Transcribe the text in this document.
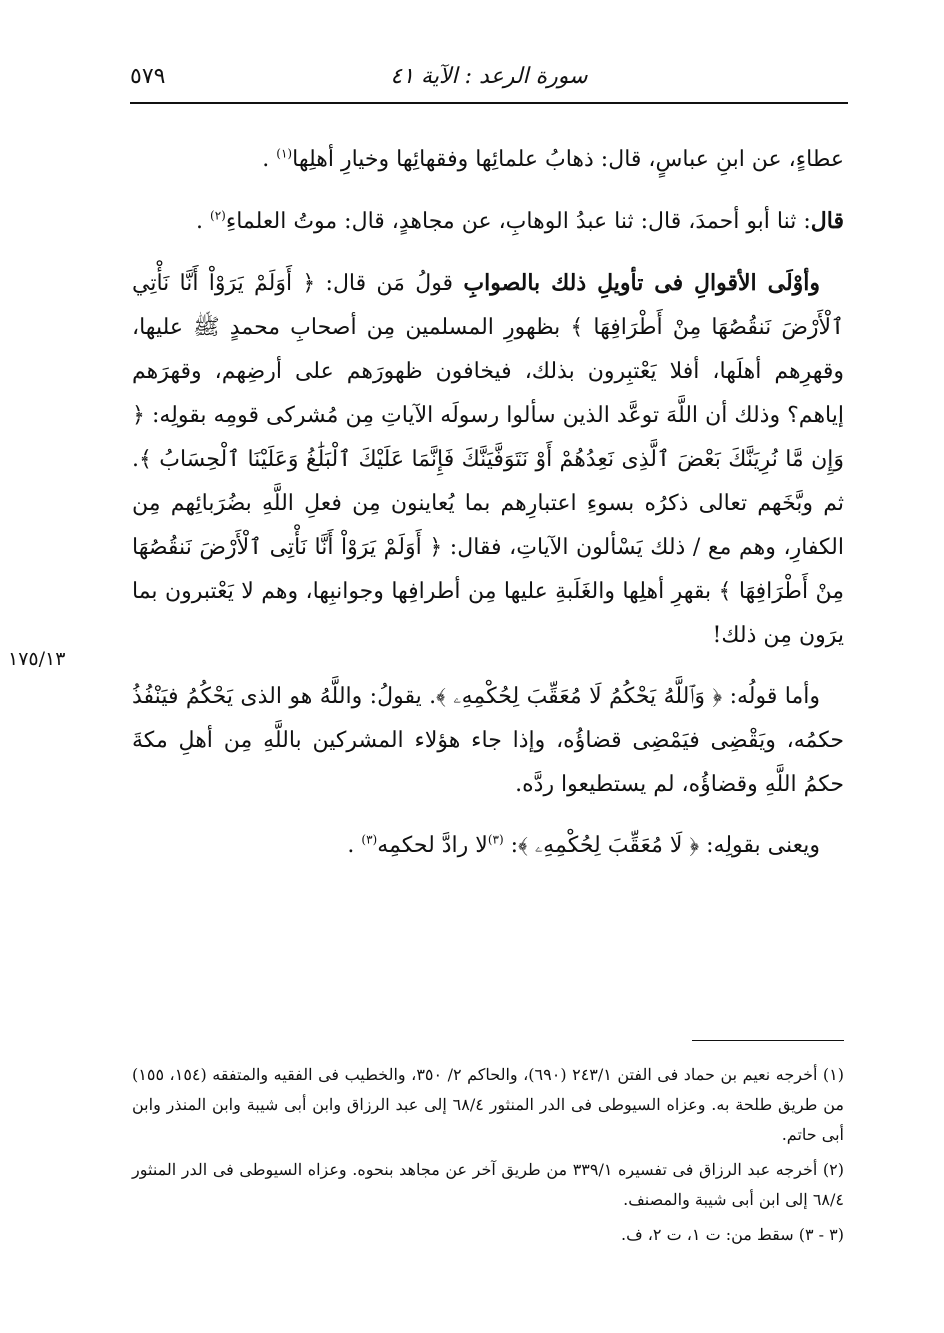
٥٧٩	سورة الرعد : الآية ٤١
١٧٥/١٣

عطاءٍ، عن ابنِ عباسٍ، قال: ذهابُ علمائِها وفقهائِها وخيارِ أهلِها$^{(١)}$ .

قال: ثنا أبو أحمدَ، قال: ثنا عبدُ الوهابِ، عن مجاهدٍ، قال: موتُ العلماءِ$^{(٢)}$ .

وأوْلَى الأقوالِ فى تأويلِ ذلك بالصوابِ قولُ مَن قال: ﴿ أَوَلَمْ يَرَوْاْ أَنَّا نَأْتِي ٱلْأَرْضَ نَنقُصُهَا مِنْ أَطْرَافِهَا ﴾ بظهورِ المسلمين مِن أصحابِ محمدٍ ﷺ عليها، وقهرِهم أهلَها، أفلا يَعْتبِرون بذلك، فيخافون ظهورَهم على أرضِهم، وقهرَهم إياهم؟ وذلك أن اللَّهَ توعَّد الذين سألوا رسولَه الآياتِ مِن مُشركى قومِه بقولِه: ﴿ وَإِن مَّا نُرِيَنَّكَ بَعْضَ ٱلَّذِى نَعِدُهُمْ أَوْ نَتَوَفَّيَنَّكَ فَإِنَّمَا عَلَيْكَ ٱلْبَلَٰغُ وَعَلَيْنَا ٱلْحِسَابُ ﴾. ثم وبَّخَهم تعالى ذكرُه بسوءِ اعتبارِهم بما يُعاينون مِن فعلِ اللَّهِ بضُرَبائِهم مِن الكفارِ، وهم مع / ذلك يَسْألون الآياتِ، فقال: ﴿ أَوَلَمْ يَرَوْاْ أَنَّا نَأْتِى ٱلْأَرْضَ نَنقُصُهَا مِنْ أَطْرَافِهَا ﴾ بقهرِ أهلِها والغَلَبةِ عليها مِن أطرافِها وجوانبِها، وهم لا يَعْتبرون بما يرَون مِن ذلك!

وأما قولُه: ﴿ وَٱللَّهُ يَحْكُمُ لَا مُعَقِّبَ لِحُكْمِهِۦ ﴾. يقولُ: واللَّهُ هو الذى يَحْكُمُ فيَنْفُذُ حكمُه، ويَقْضِى فيَمْضِى قضاؤُه، وإذا جاء هؤلاء المشركين باللَّهِ مِن أهلِ مكةَ حكمُ اللَّهِ وقضاؤُه، لم يستطيعوا ردَّه.

ويعنى بقولِه: ﴿ لَا مُعَقِّبَ لِحُكْمِهِۦ ﴾: $^{(٣)}$لا رادَّ لحكمِه$^{(٣)}$ .

(١) أخرجه نعيم بن حماد فى الفتن ٢٤٣/١ (٦٩٠)، والحاكم ٢/ ٣٥٠، والخطيب فى الفقيه والمتفقه (١٥٤، ١٥٥) من طريق طلحة به. وعزاه السيوطى فى الدر المنثور ٦٨/٤ إلى عبد الرزاق وابن أبى شيبة وابن المنذر وابن أبى حاتم.

(٢) أخرجه عبد الرزاق فى تفسيره ٣٣٩/١ من طريق آخر عن مجاهد بنحوه. وعزاه السيوطى فى الدر المنثور ٦٨/٤ إلى ابن أبى شيبة والمصنف.

(٣ - ٣) سقط من: ت ١، ت ٢، ف.
